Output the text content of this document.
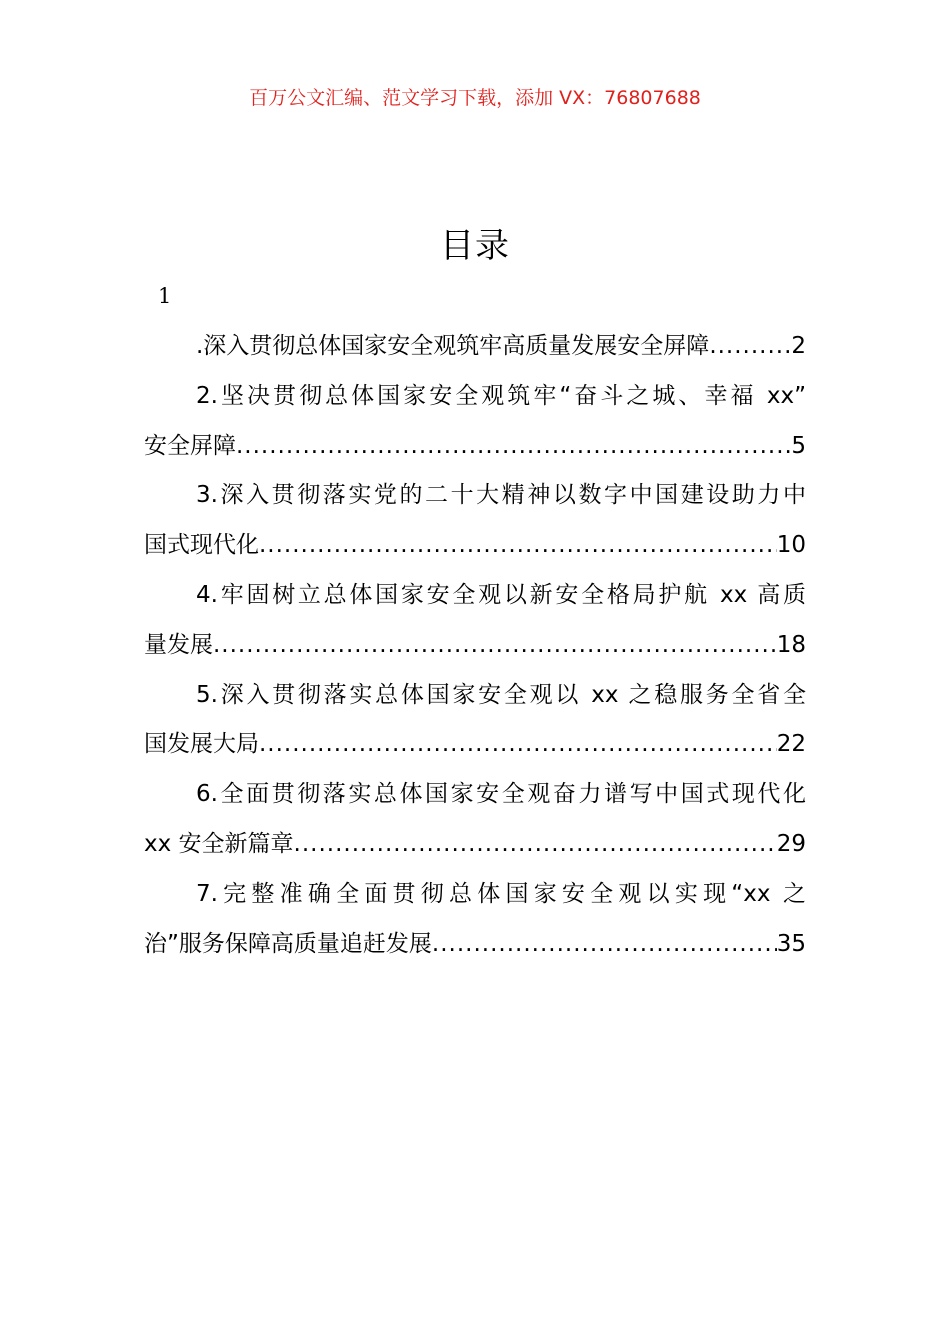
百万公文汇编、范文学习下载，添加 VX：76807688
目录
1
.深入贯彻总体国家安全观筑牢高质量发展安全屏障 .....	2
2.坚决贯彻总体国家安全观筑牢“奋斗之城、幸福 xx”
安全屏障 .....	5
3.深入贯彻落实党的二十大精神以数字中国建设助力中
国式现代化 .....	10
4.牢固树立总体国家安全观以新安全格局护航 xx 高质
量发展 .....	18
5.深入贯彻落实总体国家安全观以 xx 之稳服务全省全
国发展大局 .....	22
6.全面贯彻落实总体国家安全观奋力谱写中国式现代化
xx 安全新篇章 .....	29
7.完整准确全面贯彻总体国家安全观以实现“xx 之
治”服务保障高质量追赶发展 .....	35
